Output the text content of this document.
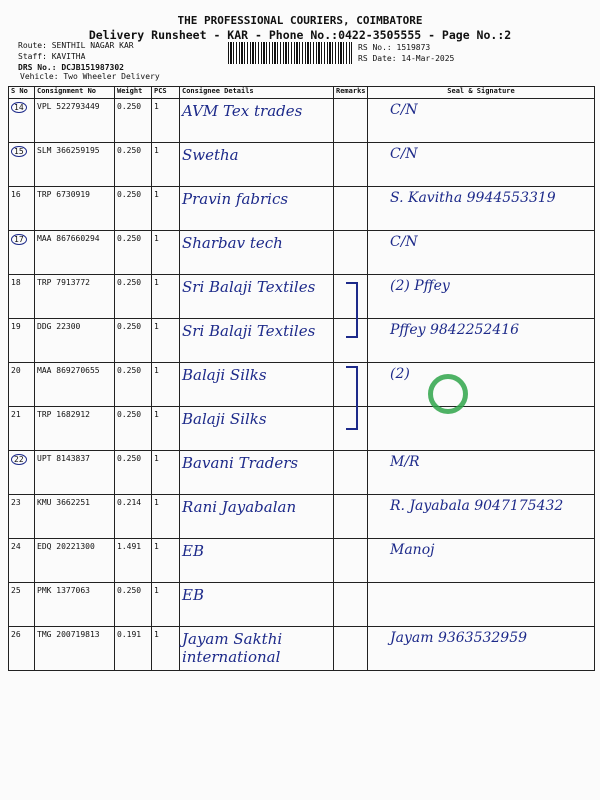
THE PROFESSIONAL COURIERS, COIMBATORE
Delivery Runsheet - KAR - Phone No.:0422-3505555 - Page No.:2
Route: SENTHIL NAGAR KAR
Staff: KAVITHA
DRS No.: DCJB151987302
Vehicle: Two Wheeler Delivery
RS No.: 1519873
RS Date: 14-Mar-2025
S No	Consignment No	Weight	PCS	Consignee Details	Remarks	Seal & Signature
14	VPL 522793449	0.250	1	AVM Tex trades		C/N

15	SLM 366259195	0.250	1	Swetha		C/N

16	TRP 6730919	0.250	1	Pravin fabrics		S. Kavitha 9944553319

17	MAA 867660294	0.250	1	Sharbav tech		C/N

18	TRP 7913772	0.250	1	Sri Balaji Textiles		(2) Pffey

19	DDG 22300	0.250	1	Sri Balaji Textiles		Pffey 9842252416

20	MAA 869270655	0.250	1	Balaji Silks		(2)

21	TRP 1682912	0.250	1	Balaji Silks		

22	UPT 8143837	0.250	1	Bavani Traders		M/R

23	KMU 3662251	0.214	1	Rani Jayabalan		R. Jayabala 9047175432

24	EDQ 20221300	1.491	1	EB		Manoj

25	PMK 1377063	0.250	1	EB		

26	TMG 200719813	0.191	1	Jayam Sakthi international		Jayam 9363532959
